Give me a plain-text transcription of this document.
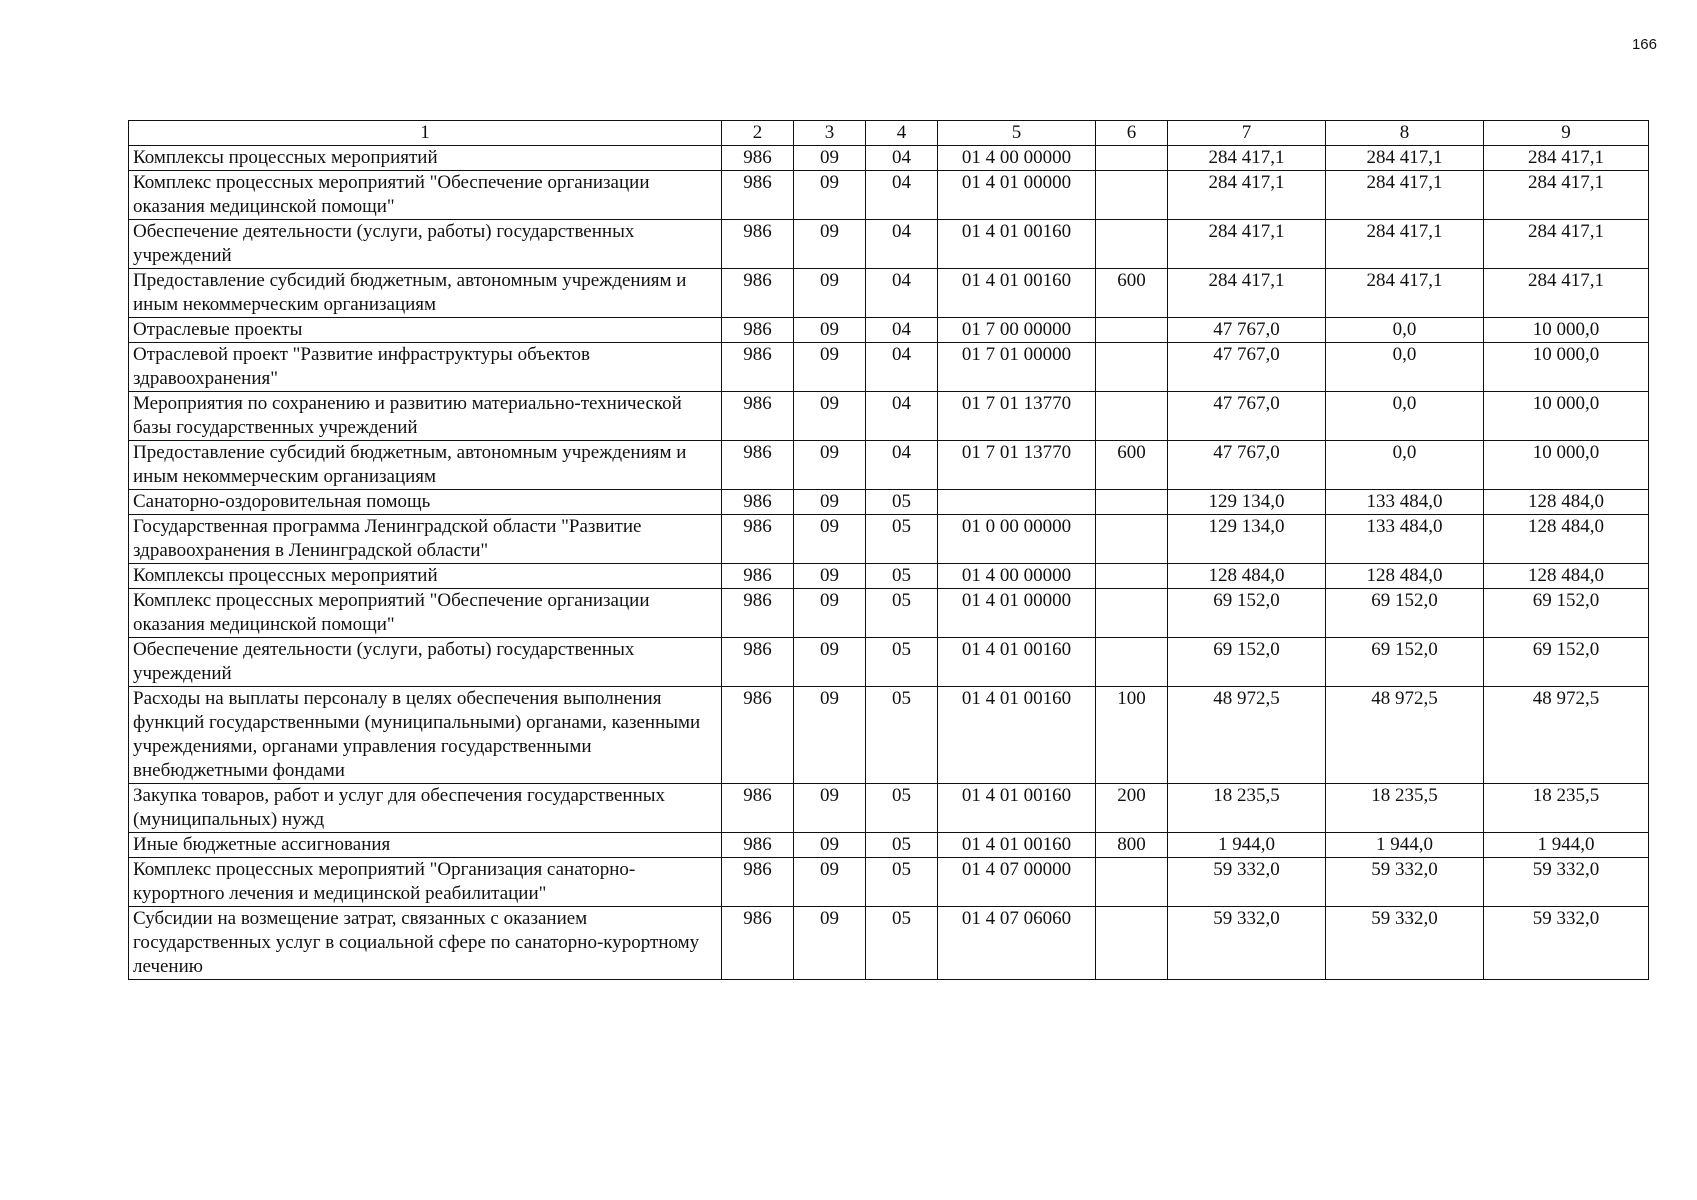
166
1	2	3	4	5	6	7	8	9
Комплексы процессных мероприятий	986	09	04	01 4 00 00000		284 417,1	284 417,1	284 417,1
Комплекс процессных мероприятий "Обеспечение организации оказания медицинской помощи"	986	09	04	01 4 01 00000		284 417,1	284 417,1	284 417,1
Обеспечение деятельности (услуги, работы) государственных учреждений	986	09	04	01 4 01 00160		284 417,1	284 417,1	284 417,1
Предоставление субсидий бюджетным, автономным учреждениям и иным некоммерческим организациям	986	09	04	01 4 01 00160	600	284 417,1	284 417,1	284 417,1
Отраслевые проекты	986	09	04	01 7 00 00000		47 767,0	0,0	10 000,0
Отраслевой проект "Развитие инфраструктуры объектов здравоохранения"	986	09	04	01 7 01 00000		47 767,0	0,0	10 000,0
Мероприятия по сохранению и развитию материально-технической базы государственных учреждений	986	09	04	01 7 01 13770		47 767,0	0,0	10 000,0
Предоставление субсидий бюджетным, автономным учреждениям и иным некоммерческим организациям	986	09	04	01 7 01 13770	600	47 767,0	0,0	10 000,0
Санаторно-оздоровительная помощь	986	09	05			129 134,0	133 484,0	128 484,0
Государственная программа Ленинградской области "Развитие здравоохранения в Ленинградской области"	986	09	05	01 0 00 00000		129 134,0	133 484,0	128 484,0
Комплексы процессных мероприятий	986	09	05	01 4 00 00000		128 484,0	128 484,0	128 484,0
Комплекс процессных мероприятий "Обеспечение организации оказания медицинской помощи"	986	09	05	01 4 01 00000		69 152,0	69 152,0	69 152,0
Обеспечение деятельности (услуги, работы) государственных учреждений	986	09	05	01 4 01 00160		69 152,0	69 152,0	69 152,0
Расходы на выплаты персоналу в целях обеспечения выполнения функций государственными (муниципальными) органами, казенными учреждениями, органами управления государственными внебюджетными фондами	986	09	05	01 4 01 00160	100	48 972,5	48 972,5	48 972,5
Закупка товаров, работ и услуг для обеспечения государственных (муниципальных) нужд	986	09	05	01 4 01 00160	200	18 235,5	18 235,5	18 235,5
Иные бюджетные ассигнования	986	09	05	01 4 01 00160	800	1 944,0	1 944,0	1 944,0
Комплекс процессных мероприятий "Организация санаторно-курортного лечения и медицинской реабилитации"	986	09	05	01 4 07 00000		59 332,0	59 332,0	59 332,0
Субсидии на возмещение затрат, связанных с оказанием государственных услуг в социальной сфере по санаторно-курортному лечению	986	09	05	01 4 07 06060		59 332,0	59 332,0	59 332,0
